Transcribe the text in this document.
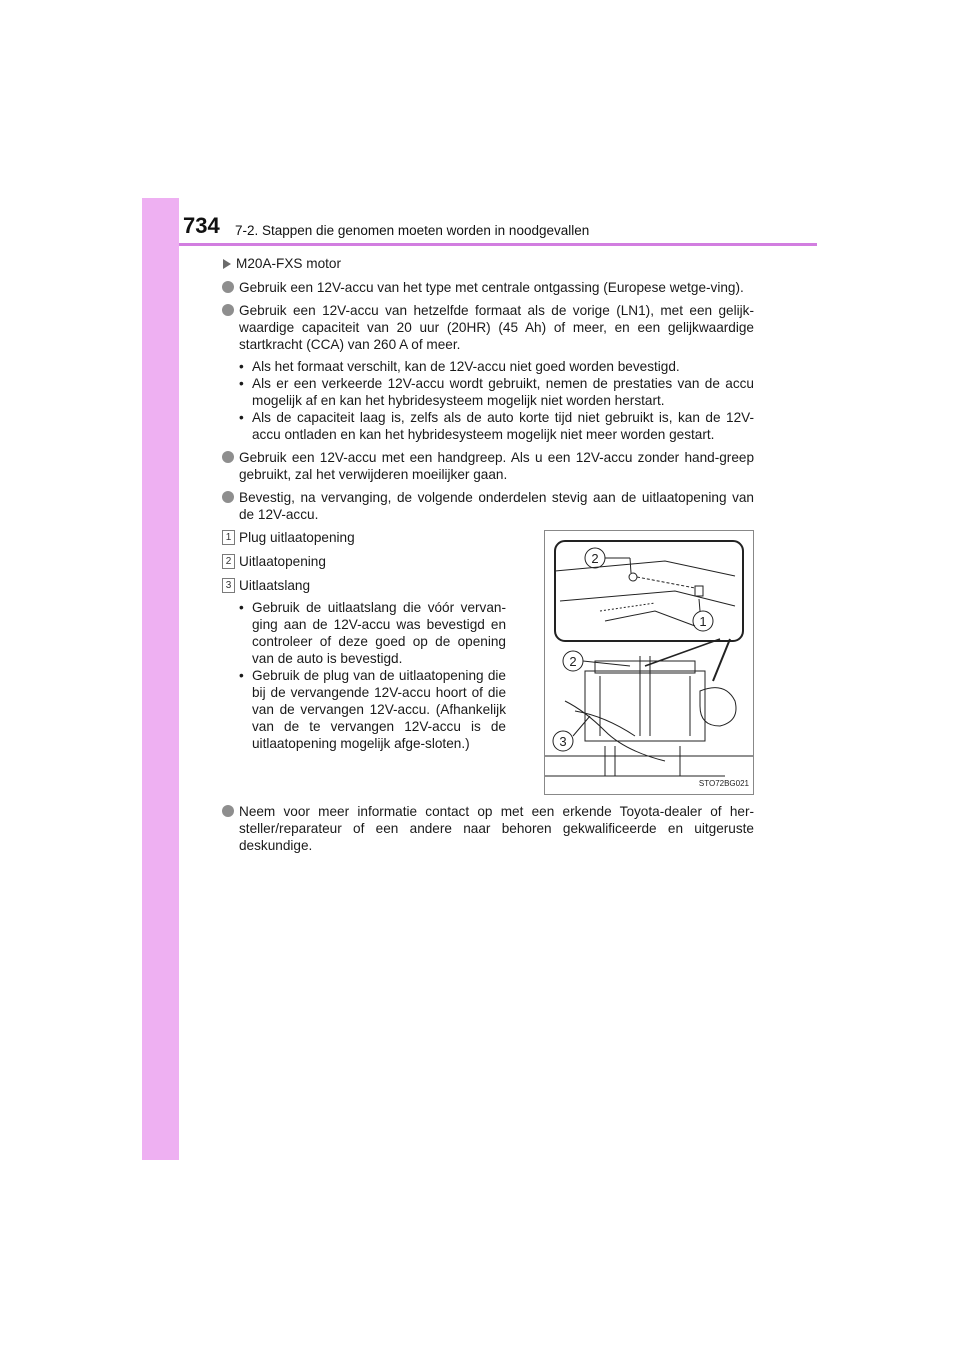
734 7-2. Stappen die genomen moeten worden in noodgevallen
M20A-FXS motor
Gebruik een 12V-accu van het type met centrale ontgassing (Europese wetge-ving).
Gebruik een 12V-accu van hetzelfde formaat als de vorige (LN1), met een gelijk-waardige capaciteit van 20 uur (20HR) (45 Ah) of meer, en een gelijkwaardige startkracht (CCA) van 260 A of meer.
• Als het formaat verschilt, kan de 12V-accu niet goed worden bevestigd.
• Als er een verkeerde 12V-accu wordt gebruikt, nemen de prestaties van de accu mogelijk af en kan het hybridesysteem mogelijk niet worden herstart.
• Als de capaciteit laag is, zelfs als de auto korte tijd niet gebruikt is, kan de 12V-accu ontladen en kan het hybridesysteem mogelijk niet meer worden gestart.
Gebruik een 12V-accu met een handgreep. Als u een 12V-accu zonder hand-greep gebruikt, zal het verwijderen moeilijker gaan.
Bevestig, na vervanging, de volgende onderdelen stevig aan de uitlaatopening van de 12V-accu.
1 Plug uitlaatopening
2 Uitlaatopening
3 Uitlaatslang
• Gebruik de uitlaatslang die vóór vervan-ging aan de 12V-accu was bevestigd en controleer of deze goed op de opening van de auto is bevestigd.
• Gebruik de plug van de uitlaatopening die bij de vervangende 12V-accu hoort of die van de vervangen 12V-accu. (Afhankelijk van de te vervangen 12V-accu is de uitlaatopening mogelijk afge-sloten.)
2
1
2
3
STO72BG021
Neem voor meer informatie contact op met een erkende Toyota-dealer of her-steller/reparateur of een andere naar behoren gekwalificeerde en uitgeruste deskundige.
